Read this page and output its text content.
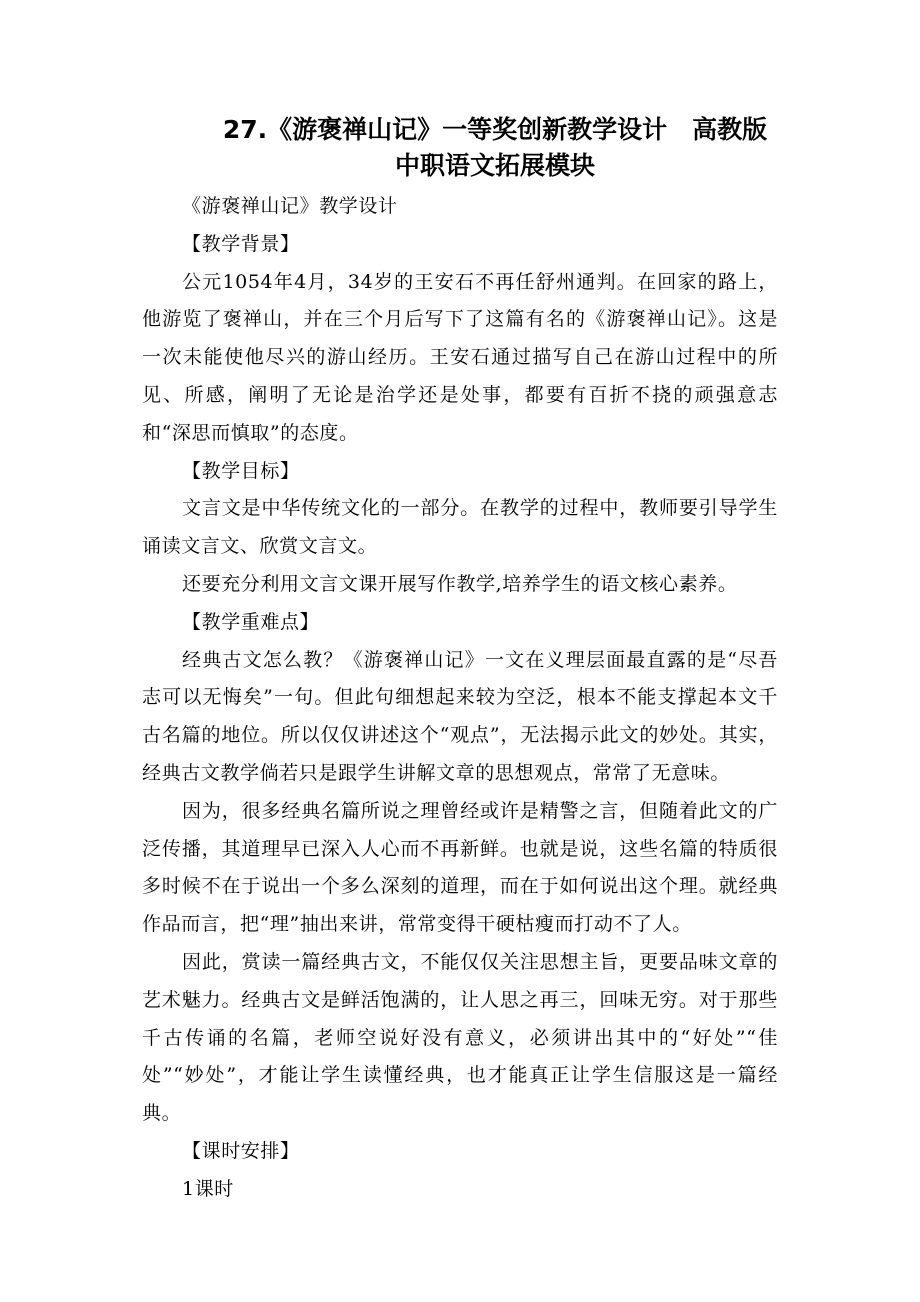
27.《游褒禅山记》一等奖创新教学设计　高教版中职语文拓展模块

《游褒禅山记》教学设计

【教学背景】

公元1054年4月，34岁的王安石不再任舒州通判。在回家的路上，他游览了褒禅山，并在三个月后写下了这篇有名的《游褒禅山记》。这是一次未能使他尽兴的游山经历。王安石通过描写自己在游山过程中的所见、所感，阐明了无论是治学还是处事，都要有百折不挠的顽强意志和“深思而慎取”的态度。

【教学目标】

文言文是中华传统文化的一部分。在教学的过程中，教师要引导学生诵读文言文、欣赏文言文。

还要充分利用文言文课开展写作教学,培养学生的语文核心素养。

【教学重难点】

经典古文怎么教？《游褒禅山记》一文在义理层面最直露的是“尽吾志可以无悔矣”一句。但此句细想起来较为空泛，根本不能支撑起本文千古名篇的地位。所以仅仅讲述这个“观点”，无法揭示此文的妙处。其实，经典古文教学倘若只是跟学生讲解文章的思想观点，常常了无意味。

因为，很多经典名篇所说之理曾经或许是精警之言，但随着此文的广泛传播，其道理早已深入人心而不再新鲜。也就是说，这些名篇的特质很多时候不在于说出一个多么深刻的道理，而在于如何说出这个理。就经典作品而言，把“理”抽出来讲，常常变得干硬枯瘦而打动不了人。

因此，赏读一篇经典古文，不能仅仅关注思想主旨，更要品味文章的艺术魅力。经典古文是鲜活饱满的，让人思之再三，回味无穷。对于那些千古传诵的名篇，老师空说好没有意义，必须讲出其中的“好处”“佳处”“妙处”，才能让学生读懂经典，也才能真正让学生信服这是一篇经典。

【课时安排】

1课时
